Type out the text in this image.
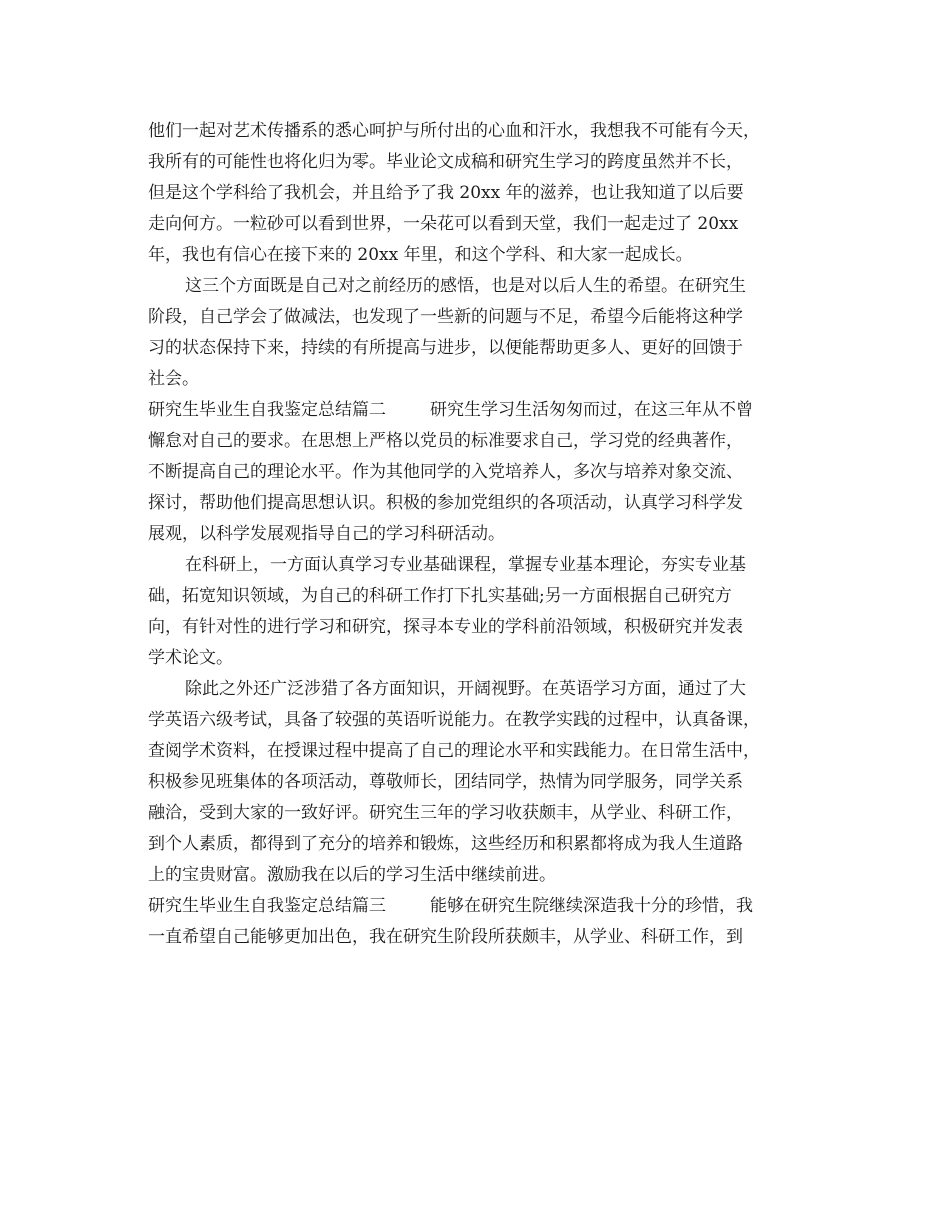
他们一起对艺术传播系的悉心呵护与所付出的心血和汗水，我想我不可能有今天，
我所有的可能性也将化归为零。毕业论文成稿和研究生学习的跨度虽然并不长，
但是这个学科给了我机会，并且给予了我 20xx 年的滋养，也让我知道了以后要
走向何方。一粒砂可以看到世界，一朵花可以看到天堂，我们一起走过了 20xx
年，我也有信心在接下来的 20xx 年里，和这个学科、和大家一起成长。
这三个方面既是自己对之前经历的感悟，也是对以后人生的希望。在研究生
阶段，自己学会了做减法，也发现了一些新的问题与不足，希望今后能将这种学
习的状态保持下来，持续的有所提高与进步，以便能帮助更多人、更好的回馈于
社会。
研究生毕业生自我鉴定总结篇二	研究生学习生活匆匆而过，在这三年从不曾
懈怠对自己的要求。在思想上严格以党员的标准要求自己，学习党的经典著作，
不断提高自己的理论水平。作为其他同学的入党培养人，多次与培养对象交流、
探讨，帮助他们提高思想认识。积极的参加党组织的各项活动，认真学习科学发
展观，以科学发展观指导自己的学习科研活动。
在科研上，一方面认真学习专业基础课程，掌握专业基本理论，夯实专业基
础，拓宽知识领域，为自己的科研工作打下扎实基础;另一方面根据自己研究方
向，有针对性的进行学习和研究，探寻本专业的学科前沿领域，积极研究并发表
学术论文。
除此之外还广泛涉猎了各方面知识，开阔视野。在英语学习方面，通过了大
学英语六级考试，具备了较强的英语听说能力。在教学实践的过程中，认真备课，
查阅学术资料，在授课过程中提高了自己的理论水平和实践能力。在日常生活中，
积极参见班集体的各项活动，尊敬师长，团结同学，热情为同学服务，同学关系
融洽，受到大家的一致好评。研究生三年的学习收获颇丰，从学业、科研工作，
到个人素质，都得到了充分的培养和锻炼，这些经历和积累都将成为我人生道路
上的宝贵财富。激励我在以后的学习生活中继续前进。
研究生毕业生自我鉴定总结篇三	能够在研究生院继续深造我十分的珍惜，我
一直希望自己能够更加出色，我在研究生阶段所获颇丰，从学业、科研工作，到
